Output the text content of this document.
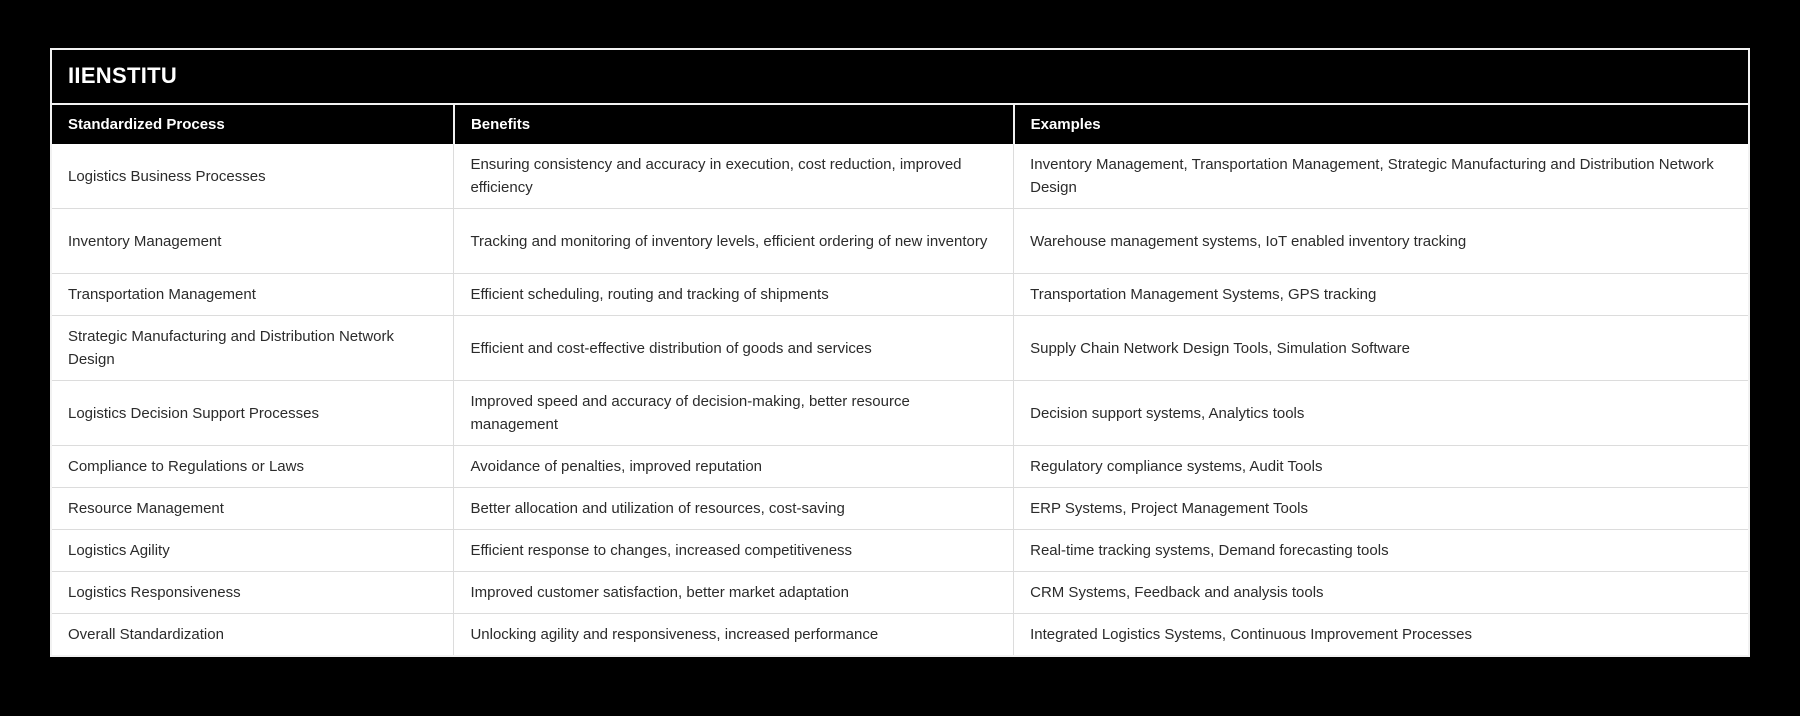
IIENSTITU
Standardized Process	Benefits	Examples
Logistics Business Processes	Ensuring consistency and accuracy in execution, cost reduction, improved efficiency	Inventory Management, Transportation Management, Strategic Manufacturing and Distribution Network Design
Inventory Management	Tracking and monitoring of inventory levels, efficient ordering of new inventory	Warehouse management systems, IoT enabled inventory tracking
Transportation Management	Efficient scheduling, routing and tracking of shipments	Transportation Management Systems, GPS tracking
Strategic Manufacturing and Distribution Network Design	Efficient and cost-effective distribution of goods and services	Supply Chain Network Design Tools, Simulation Software
Logistics Decision Support Processes	Improved speed and accuracy of decision-making, better resource management	Decision support systems, Analytics tools
Compliance to Regulations or Laws	Avoidance of penalties, improved reputation	Regulatory compliance systems, Audit Tools
Resource Management	Better allocation and utilization of resources, cost-saving	ERP Systems, Project Management Tools
Logistics Agility	Efficient response to changes, increased competitiveness	Real-time tracking systems, Demand forecasting tools
Logistics Responsiveness	Improved customer satisfaction, better market adaptation	CRM Systems, Feedback and analysis tools
Overall Standardization	Unlocking agility and responsiveness, increased performance	Integrated Logistics Systems, Continuous Improvement Processes
